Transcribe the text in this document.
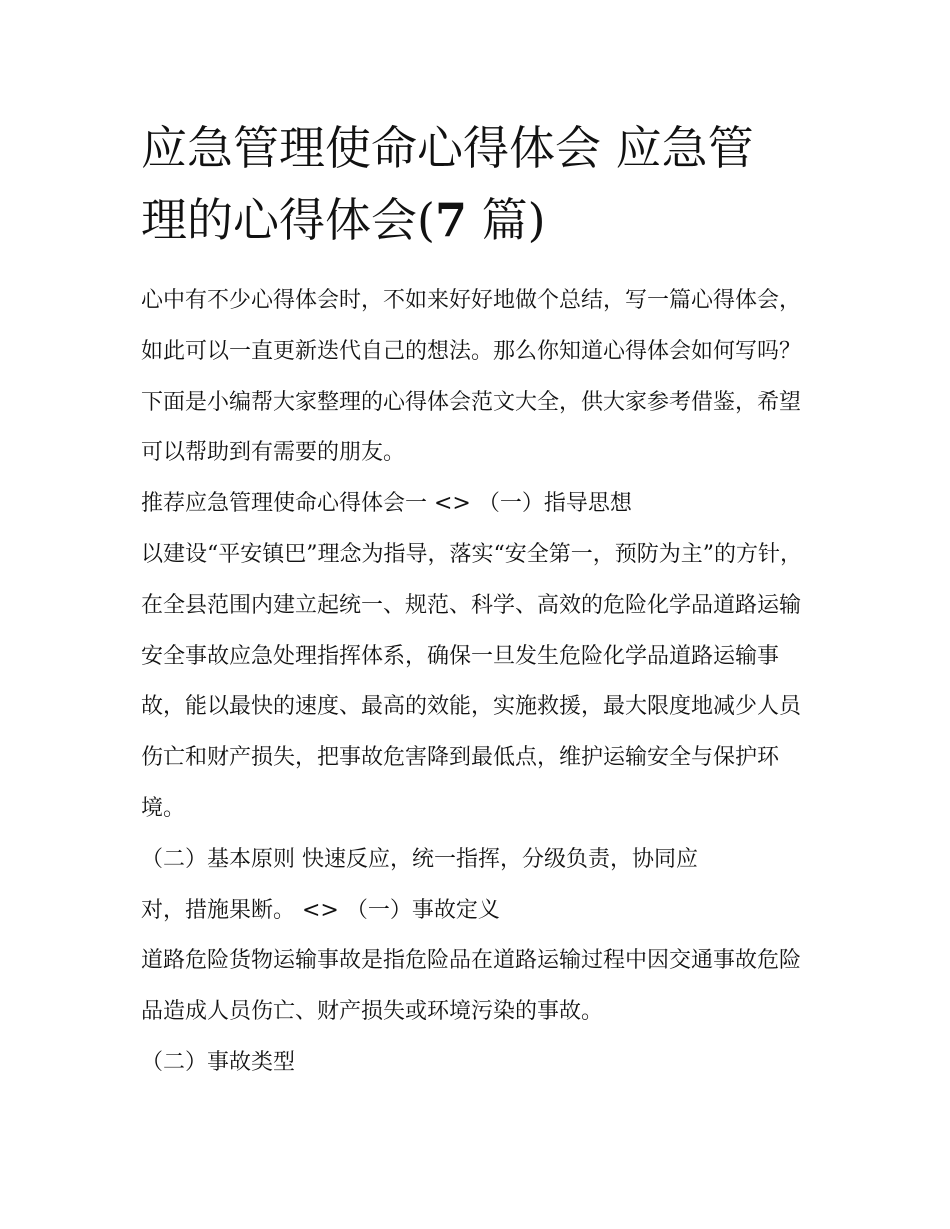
应急管理使命心得体会 应急管
理的心得体会(7 篇)

心中有不少心得体会时，不如来好好地做个总结，写一篇心得体会，如此可以一直更新迭代自己的想法。那么你知道心得体会如何写吗？下面是小编帮大家整理的心得体会范文大全，供大家参考借鉴，希望可以帮助到有需要的朋友。

推荐应急管理使命心得体会一 <> （一）指导思想

以建设“平安镇巴”理念为指导，落实“安全第一，预防为主”的方针，在全县范围内建立起统一、规范、科学、高效的危险化学品道路运输安全事故应急处理指挥体系，确保一旦发生危险化学品道路运输事故，能以最快的速度、最高的效能，实施救援，最大限度地减少人员伤亡和财产损失，把事故危害降到最低点，维护运输安全与保护环境。

（二）基本原则 快速反应，统一指挥，分级负责，协同应

对，措施果断。 <> （一）事故定义

道路危险货物运输事故是指危险品在道路运输过程中因交通事故危险品造成人员伤亡、财产损失或环境污染的事故。

（二）事故类型
